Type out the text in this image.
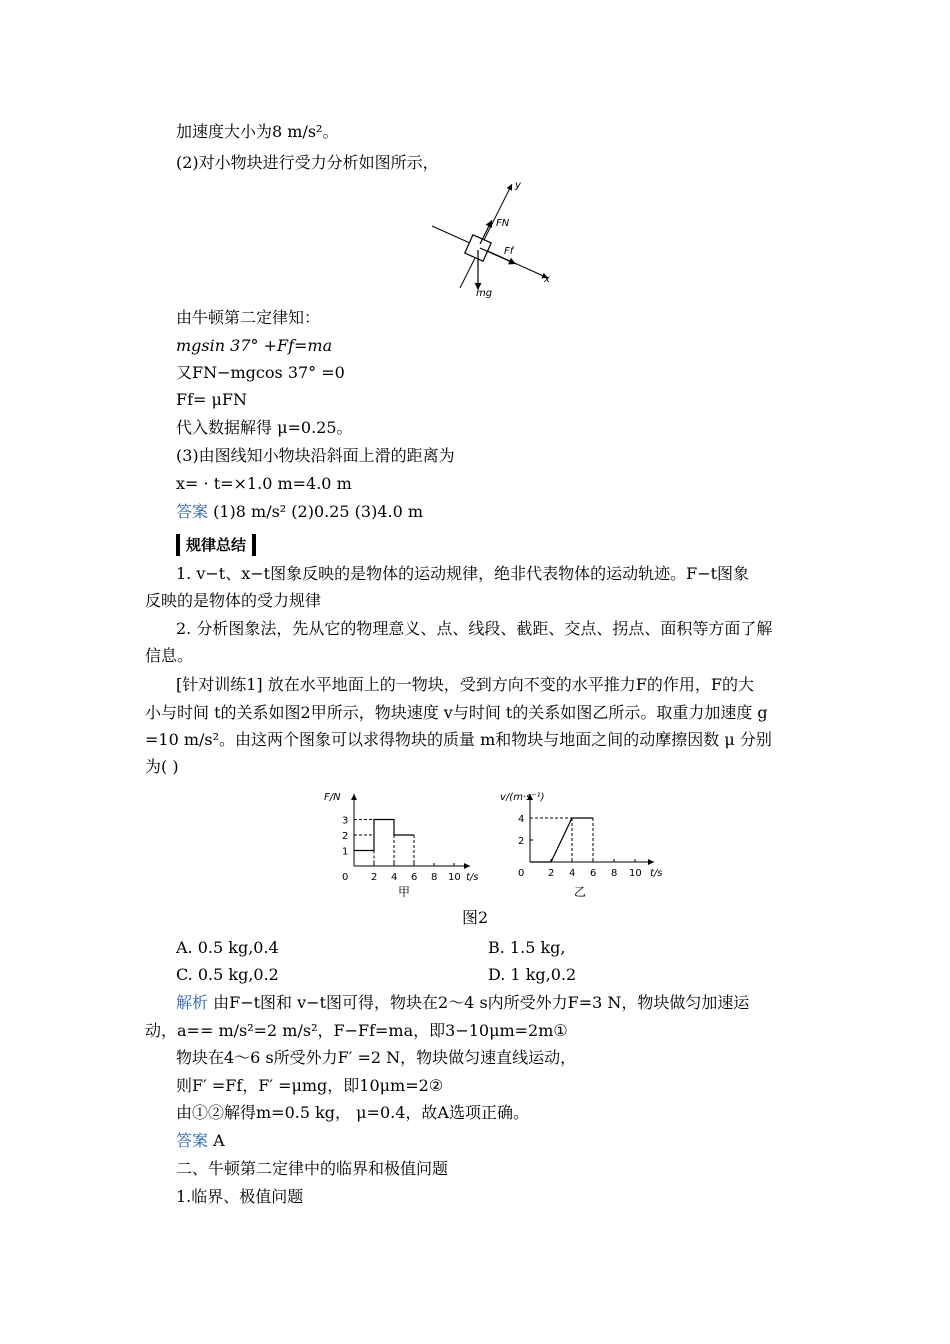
加速度大小为8 m/s²。
(2)对小物块进行受力分析如图所示，
y
x
FN
Ff
mg
由牛顿第二定律知：
mgsin 37° +Ff=ma
又FN−mgcos 37° =0
Ff= μFN
代入数据解得 μ=0.25。
(3)由图线知小物块沿斜面上滑的距离为
x= · t=×1.0 m=4.0 m
答案 (1)8 m/s² (2)0.25 (3)4.0 m
规律总结
1. v−t、x−t图象反映的是物体的运动规律，绝非代表物体的运动轨迹。F−t图象
反映的是物体的受力规律
2. 分析图象法，先从它的物理意义、点、线段、截距、交点、拐点、面积等方面了解
信息。
[针对训练1] 放在水平地面上的一物块，受到方向不变的水平推力F的作用，F的大
小与时间 t的关系如图2甲所示，物块速度 v与时间 t的关系如图乙所示。取重力加速度 g
=10 m/s²。由这两个图象可以求得物块的质量 m和物块与地面之间的动摩擦因数 μ 分别
为( )
F/N
t/s
2 4 6 8 10
0
1
2
3
甲
v/(m·s⁻¹)
t/s
2 4 6 8 10
0
2
4
乙
图2
A. 0.5 kg,0.4	B. 1.5 kg,
C. 0.5 kg,0.2	D. 1 kg,0.2
解析 由F−t图和 v−t图可得，物块在2～4 s内所受外力F=3 N，物块做匀加速运
动，a== m/s²=2 m/s²，F−Ff=ma，即3−10μm=2m①
物块在4～6 s所受外力F′ =2 N，物块做匀速直线运动，
则F′ =Ff，F′ =μmg，即10μm=2②
由①②解得m=0.5 kg， μ=0.4，故A选项正确。
答案 A
二、牛顿第二定律中的临界和极值问题
1.临界、极值问题
